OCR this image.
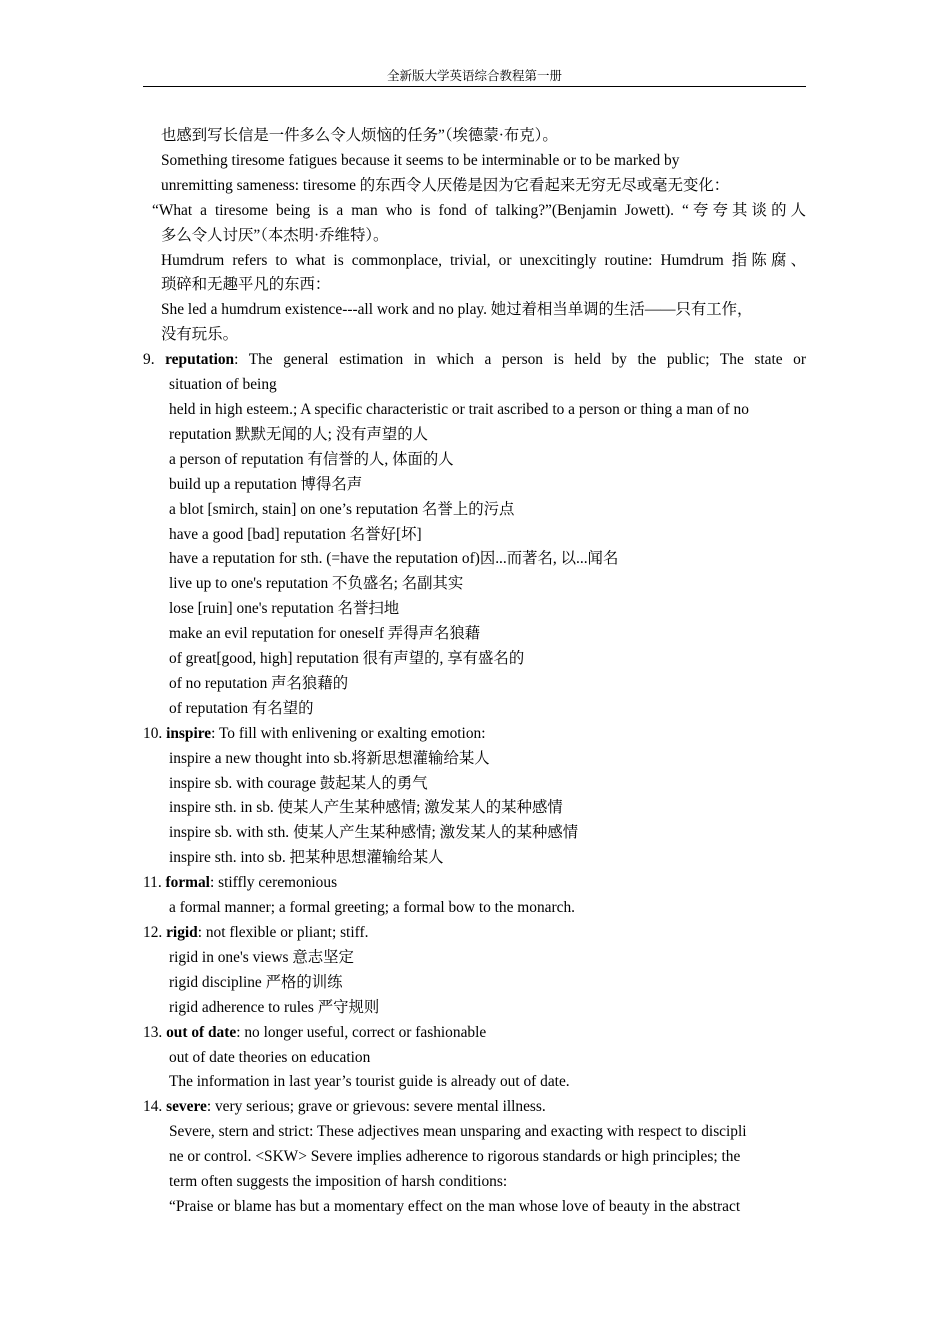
全新版大学英语综合教程第一册
也感到写长信是一件多么令人烦恼的任务”（埃德蒙·布克）。
Something tiresome fatigues because it seems to be interminable or to be marked by
unremitting sameness: tiresome 的东西令人厌倦是因为它看起来无穷无尽或毫无变化：
“What a tiresome being is a man who is fond of talking?”(Benjamin Jowett). “夸夸其谈的人
多么令人讨厌”（本杰明·乔维特）。
Humdrum refers to what is commonplace, trivial, or unexcitingly routine: Humdrum 指陈腐、
琐碎和无趣平凡的东西：
She led a humdrum existence---all work and no play. 她过着相当单调的生活——只有工作，
没有玩乐。
9. reputation: The general estimation in which a person is held by the public; The state or
situation of being
held in high esteem.; A specific characteristic or trait ascribed to a person or thing a man of no
reputation 默默无闻的人; 没有声望的人
a person of reputation 有信誉的人, 体面的人
build up a reputation 博得名声
a blot [smirch, stain] on one’s reputation 名誉上的污点
have a good [bad] reputation 名誉好[坏]
have a reputation for sth. (=have the reputation of)因...而著名, 以...闻名
live up to one's reputation 不负盛名; 名副其实
lose [ruin] one's reputation 名誉扫地
make an evil reputation for oneself 弄得声名狼藉
of great[good, high] reputation 很有声望的, 享有盛名的
of no reputation 声名狼藉的
of reputation 有名望的
10. inspire: To fill with enlivening or exalting emotion:
inspire a new thought into sb.将新思想灌输给某人
inspire sb. with courage 鼓起某人的勇气
inspire sth. in sb. 使某人产生某种感情; 激发某人的某种感情
inspire sb. with sth. 使某人产生某种感情; 激发某人的某种感情
inspire sth. into sb. 把某种思想灌输给某人
11. formal: stiffly ceremonious
a formal manner; a formal greeting; a formal bow to the monarch.
12. rigid: not flexible or pliant; stiff.
rigid in one's views 意志坚定
rigid discipline 严格的训练
rigid adherence to rules 严守规则
13. out of date: no longer useful, correct or fashionable
out of date theories on education
The information in last year’s tourist guide is already out of date.
14. severe: very serious; grave or grievous: severe mental illness.
Severe, stern and strict: These adjectives mean unsparing and exacting with respect to discipli
ne or control. <SKW> Severe implies adherence to rigorous standards or high principles; the
term often suggests the imposition of harsh conditions:
“Praise or blame has but a momentary effect on the man whose love of beauty in the abstract
